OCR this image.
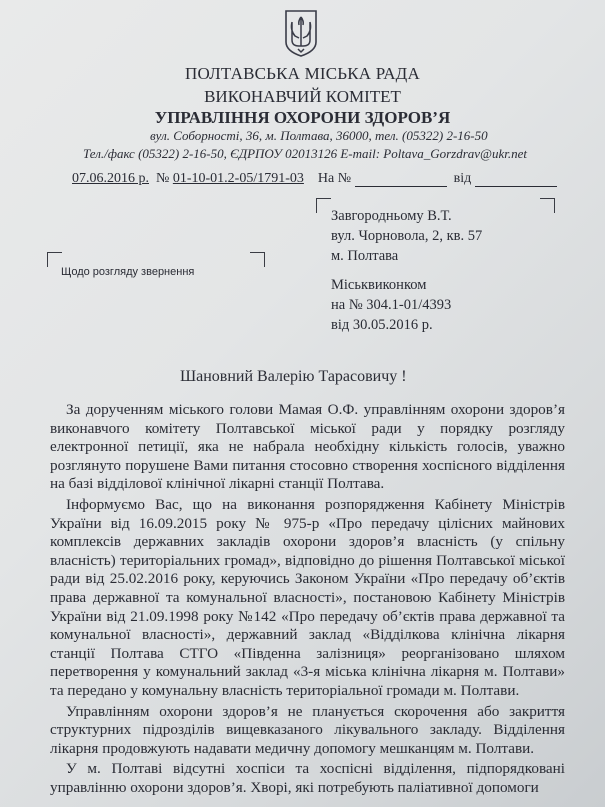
ПОЛТАВСЬКА МІСЬКА РАДА
ВИКОНАВЧИЙ КОМІТЕТ
УПРАВЛІННЯ ОХОРОНИ ЗДОРОВ’Я
вул. Соборності, 36, м. Полтава, 36000, тел. (05322) 2-16-50
Тел./факс (05322) 2-16-50, ЄДРПОУ 02013126 E-mail: Poltava_Gorzdrav@ukr.net
07.06.2016 р. № 01-10-01.2-05/1791-03 На №	від
Щодо розгляду звернення
Завгородньому В.Т.
вул. Чорновола, 2, кв. 57
м. Полтава
Міськвиконком
на № 304.1-01/4393
від 30.05.2016 р.
Шановний Валерію Тарасовичу !

За дорученням міського голови Мамая О.Ф. управлінням охорони здоров’я виконавчого комітету Полтавської міської ради у порядку розгляду електронної петиції, яка не набрала необхідну кількість голосів, уважно розглянуто порушене Вами питання стосовно створення хоспісного відділення на базі відділової клінічної лікарні станції Полтава.

Інформуємо Вас, що на виконання розпорядження Кабінету Міністрів України від 16.09.2015 року № 975-р «Про передачу цілісних майнових комплексів державних закладів охорони здоров’я власність (у спільну власність) територіальних громад», відповідно до рішення Полтавської міської ради від 25.02.2016 року, керуючись Законом України «Про передачу об’єктів права державної та комунальної власності», постановою Кабінету Міністрів України від 21.09.1998 року №142 «Про передачу об’єктів права державної та комунальної власності», державний заклад «Відділкова клінічна лікарня станції Полтава СТГО «Південна залізниця» реорганізовано шляхом перетворення у комунальний заклад «3-я міська клінічна лікарня м. Полтави» та передано у комунальну власність територіальної громади м. Полтави.

Управлінням охорони здоров’я не планується скорочення або закриття структурних підрозділів вищевказаного лікувального закладу. Відділення лікарня продовжують надавати медичну допомогу мешканцям м. Полтави.

У м. Полтаві відсутні хоспіси та хоспісні відділення, підпорядковані управлінню охорони здоров’я. Хворі, які потребують паліативної допомоги
